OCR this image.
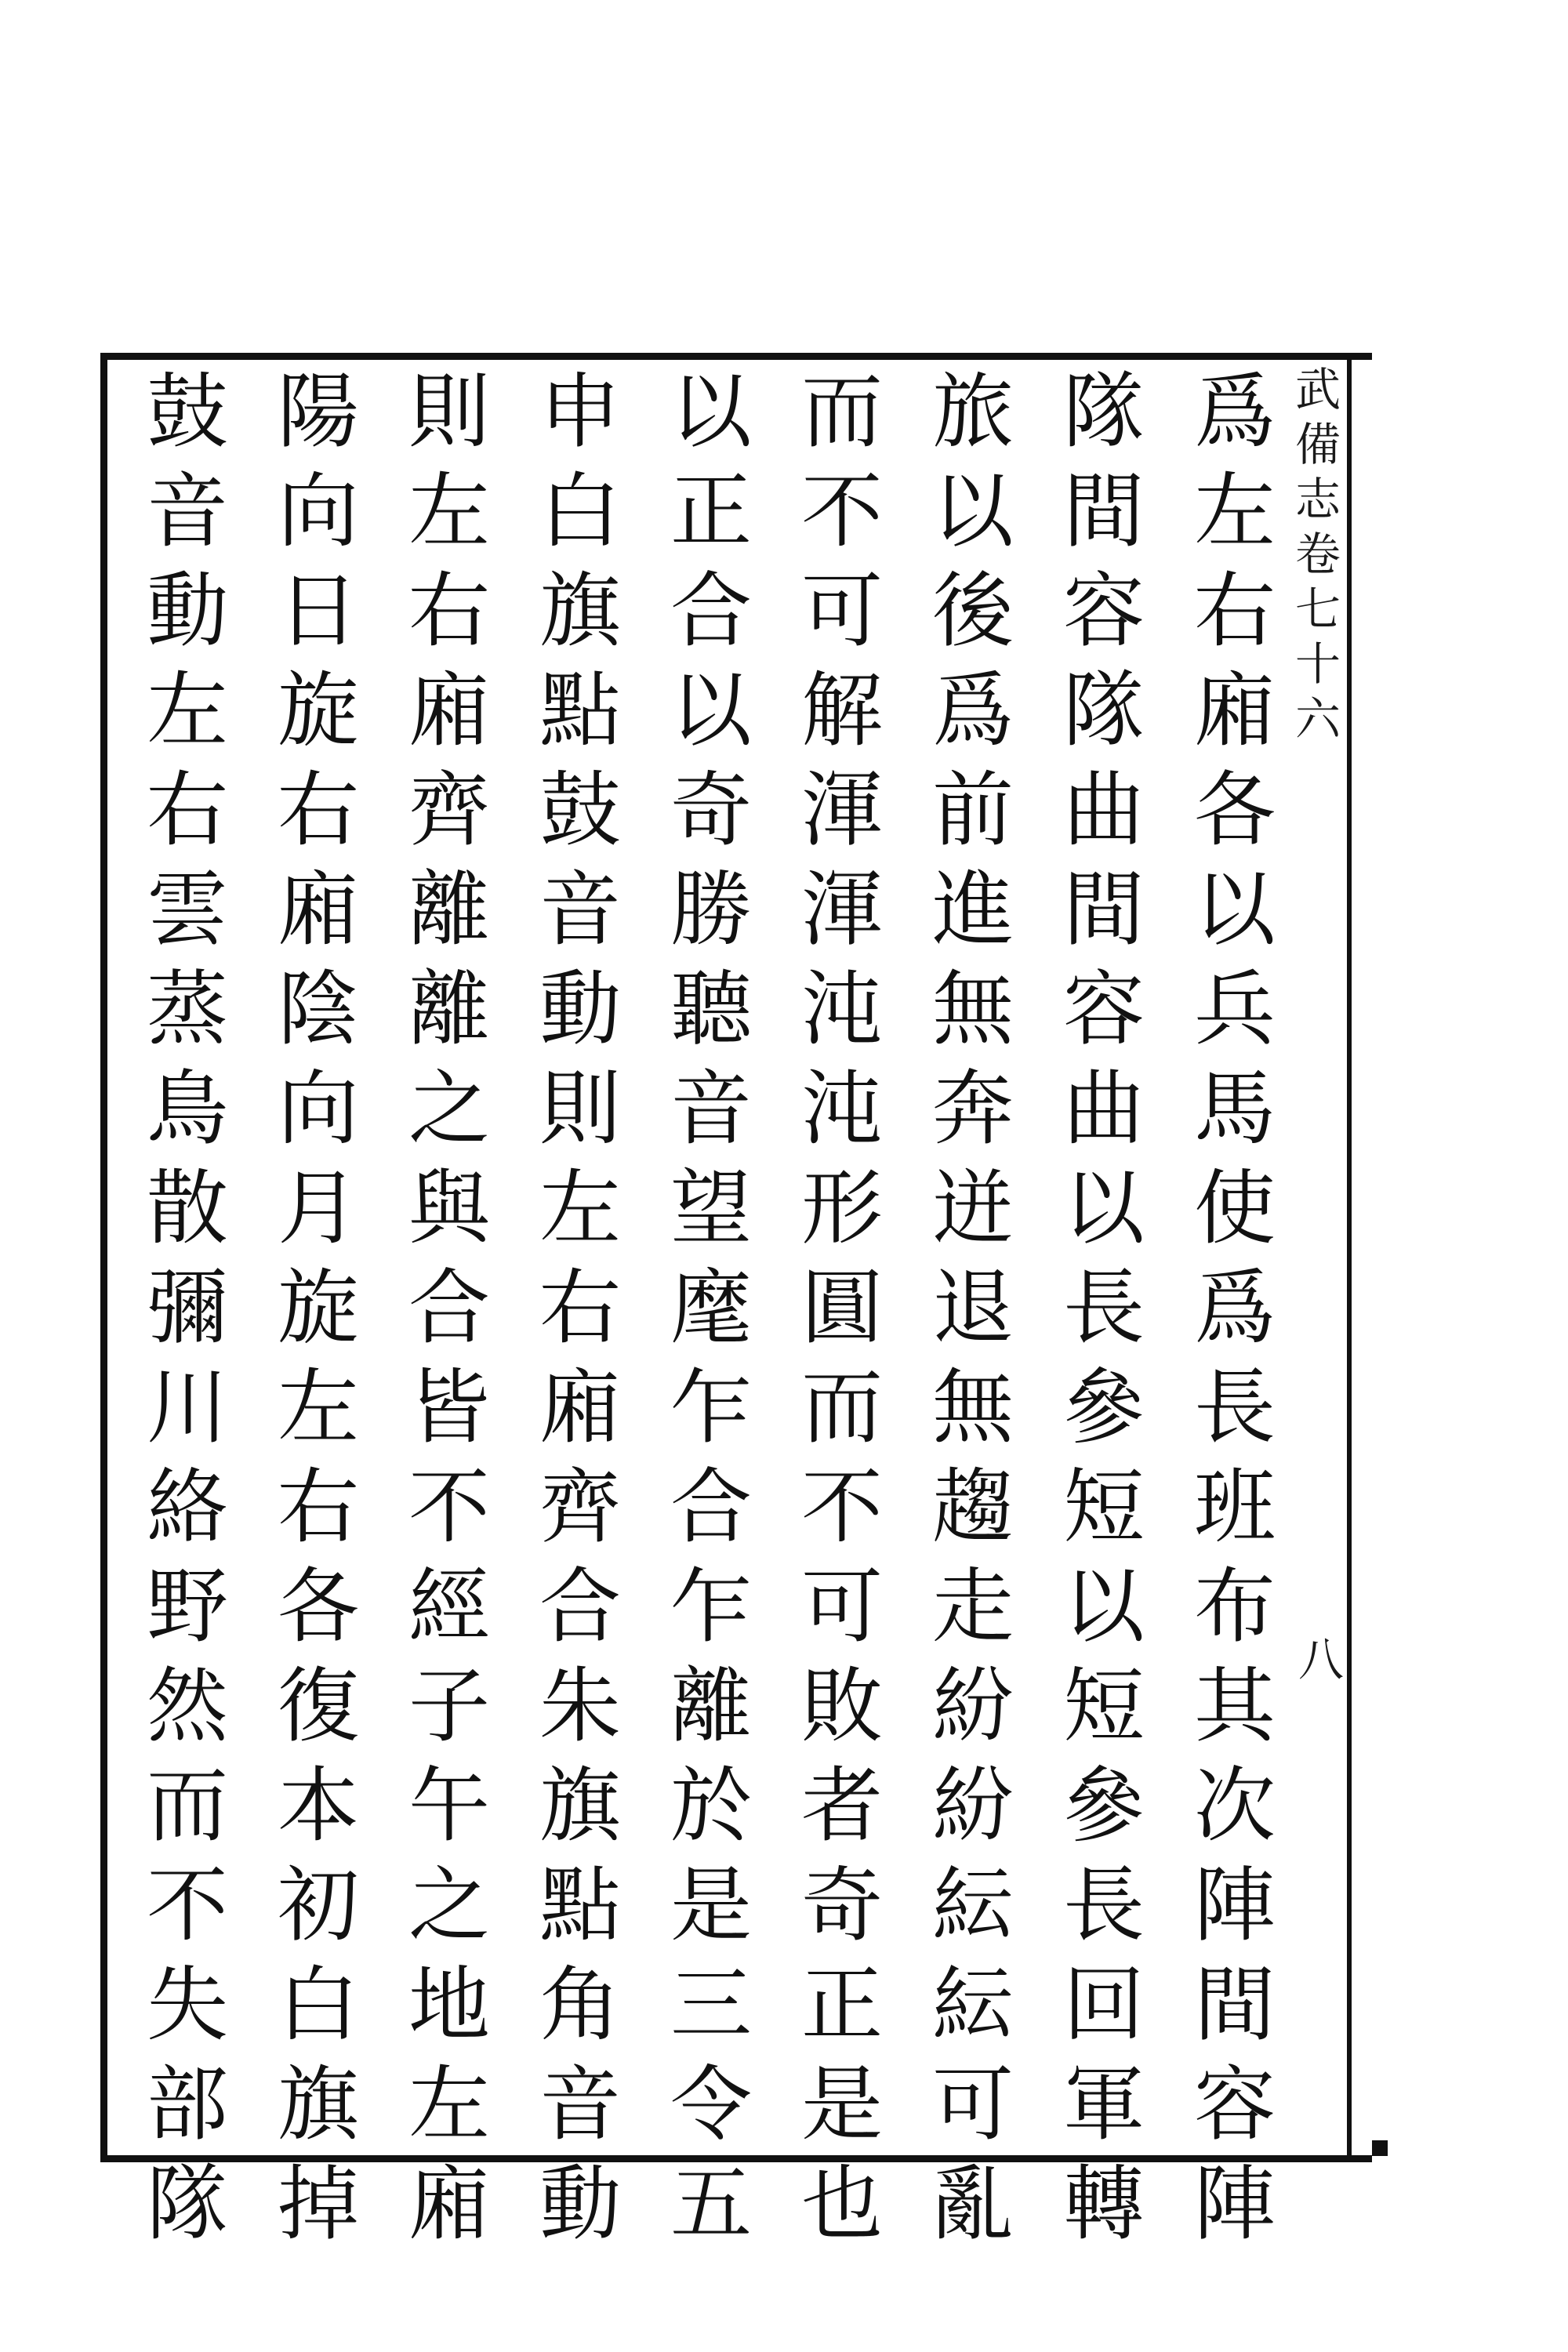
武
備
志
卷
七
十
六
八
爲
左
右
廂
各
以
兵
馬
使
爲
長
班
布
其
次
陣
間
容
陣
隊
間
容
隊
曲
間
容
曲
以
長
參
短
以
短
參
長
回
軍
轉
旅
以
後
爲
前
進
無
奔
迸
退
無
趨
走
紛
紛
紜
紜
可
亂
而
不
可
解
渾
渾
沌
沌
形
圓
而
不
可
敗
者
奇
正
是
也
以
正
合
以
奇
勝
聽
音
望
麾
乍
合
乍
離
於
是
三
令
五
申
白
旗
點
鼓
音
動
則
左
右
廂
齊
合
朱
旗
點
角
音
動
則
左
右
廂
齊
離
離
之
與
合
皆
不
經
子
午
之
地
左
廂
陽
向
日
旋
右
廂
陰
向
月
旋
左
右
各
復
本
初
白
旗
掉
鼓
音
動
左
右
雲
蒸
鳥
散
彌
川
絡
野
然
而
不
失
部
隊
